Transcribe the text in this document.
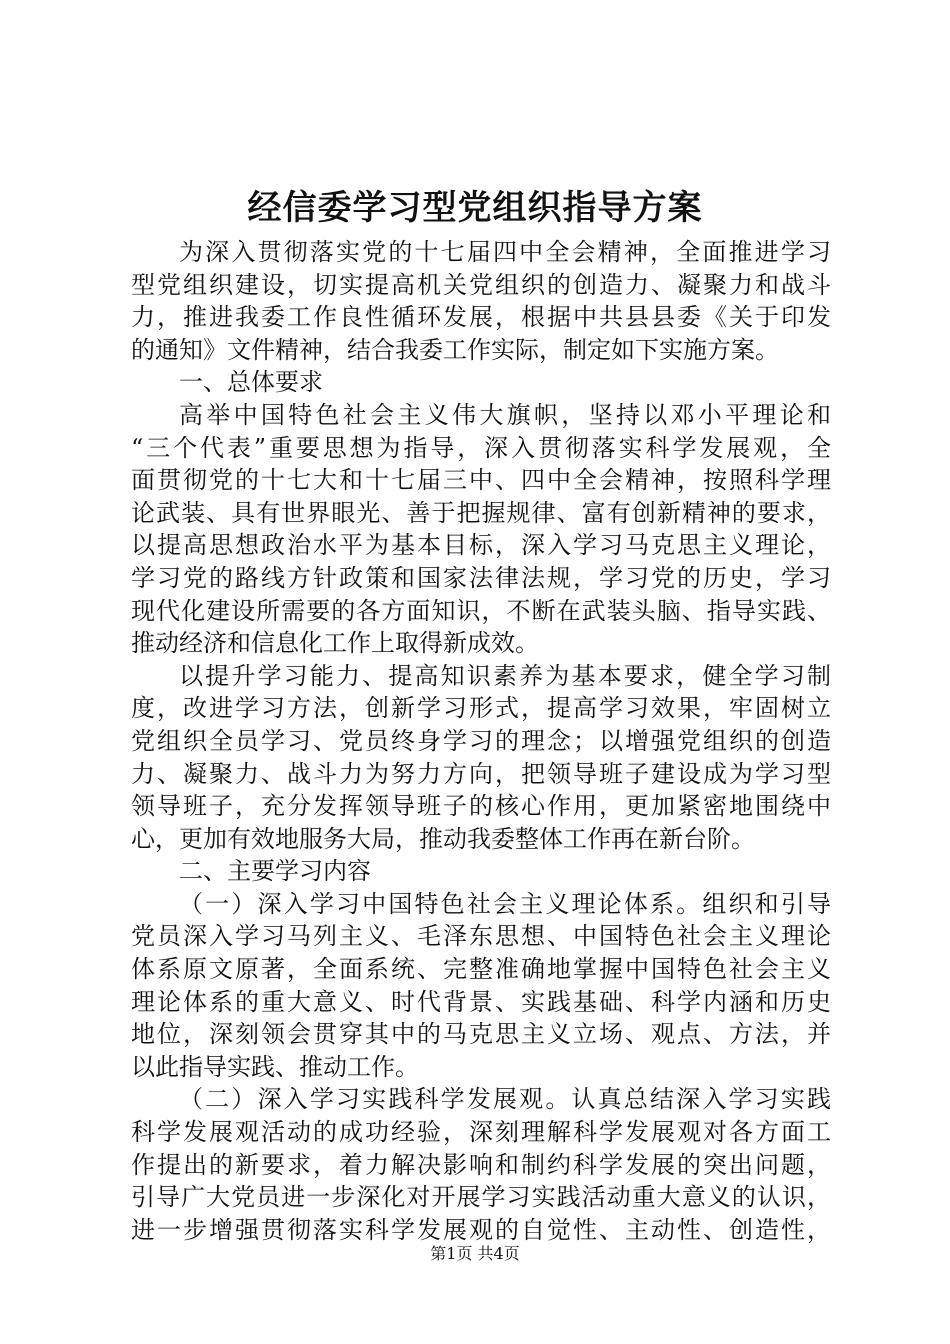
经信委学习型党组织指导方案
为深入贯彻落实党的十七届四中全会精神，全面推进学习
型党组织建设，切实提高机关党组织的创造力、凝聚力和战斗
力，推进我委工作良性循环发展，根据中共县县委《关于印发
的通知》文件精神，结合我委工作实际，制定如下实施方案。
一、总体要求
高举中国特色社会主义伟大旗帜，坚持以邓小平理论和
“三个代表”重要思想为指导，深入贯彻落实科学发展观，全
面贯彻党的十七大和十七届三中、四中全会精神，按照科学理
论武装、具有世界眼光、善于把握规律、富有创新精神的要求，
以提高思想政治水平为基本目标，深入学习马克思主义理论，
学习党的路线方针政策和国家法律法规，学习党的历史，学习
现代化建设所需要的各方面知识，不断在武装头脑、指导实践、
推动经济和信息化工作上取得新成效。
以提升学习能力、提高知识素养为基本要求，健全学习制
度，改进学习方法，创新学习形式，提高学习效果，牢固树立
党组织全员学习、党员终身学习的理念；以增强党组织的创造
力、凝聚力、战斗力为努力方向，把领导班子建设成为学习型
领导班子，充分发挥领导班子的核心作用，更加紧密地围绕中
心，更加有效地服务大局，推动我委整体工作再在新台阶。
二、主要学习内容
（一）深入学习中国特色社会主义理论体系。组织和引导
党员深入学习马列主义、毛泽东思想、中国特色社会主义理论
体系原文原著，全面系统、完整准确地掌握中国特色社会主义
理论体系的重大意义、时代背景、实践基础、科学内涵和历史
地位，深刻领会贯穿其中的马克思主义立场、观点、方法，并
以此指导实践、推动工作。
（二）深入学习实践科学发展观。认真总结深入学习实践
科学发展观活动的成功经验，深刻理解科学发展观对各方面工
作提出的新要求，着力解决影响和制约科学发展的突出问题，
引导广大党员进一步深化对开展学习实践活动重大意义的认识，
进一步增强贯彻落实科学发展观的自觉性、主动性、创造性，
第1页 共4页
